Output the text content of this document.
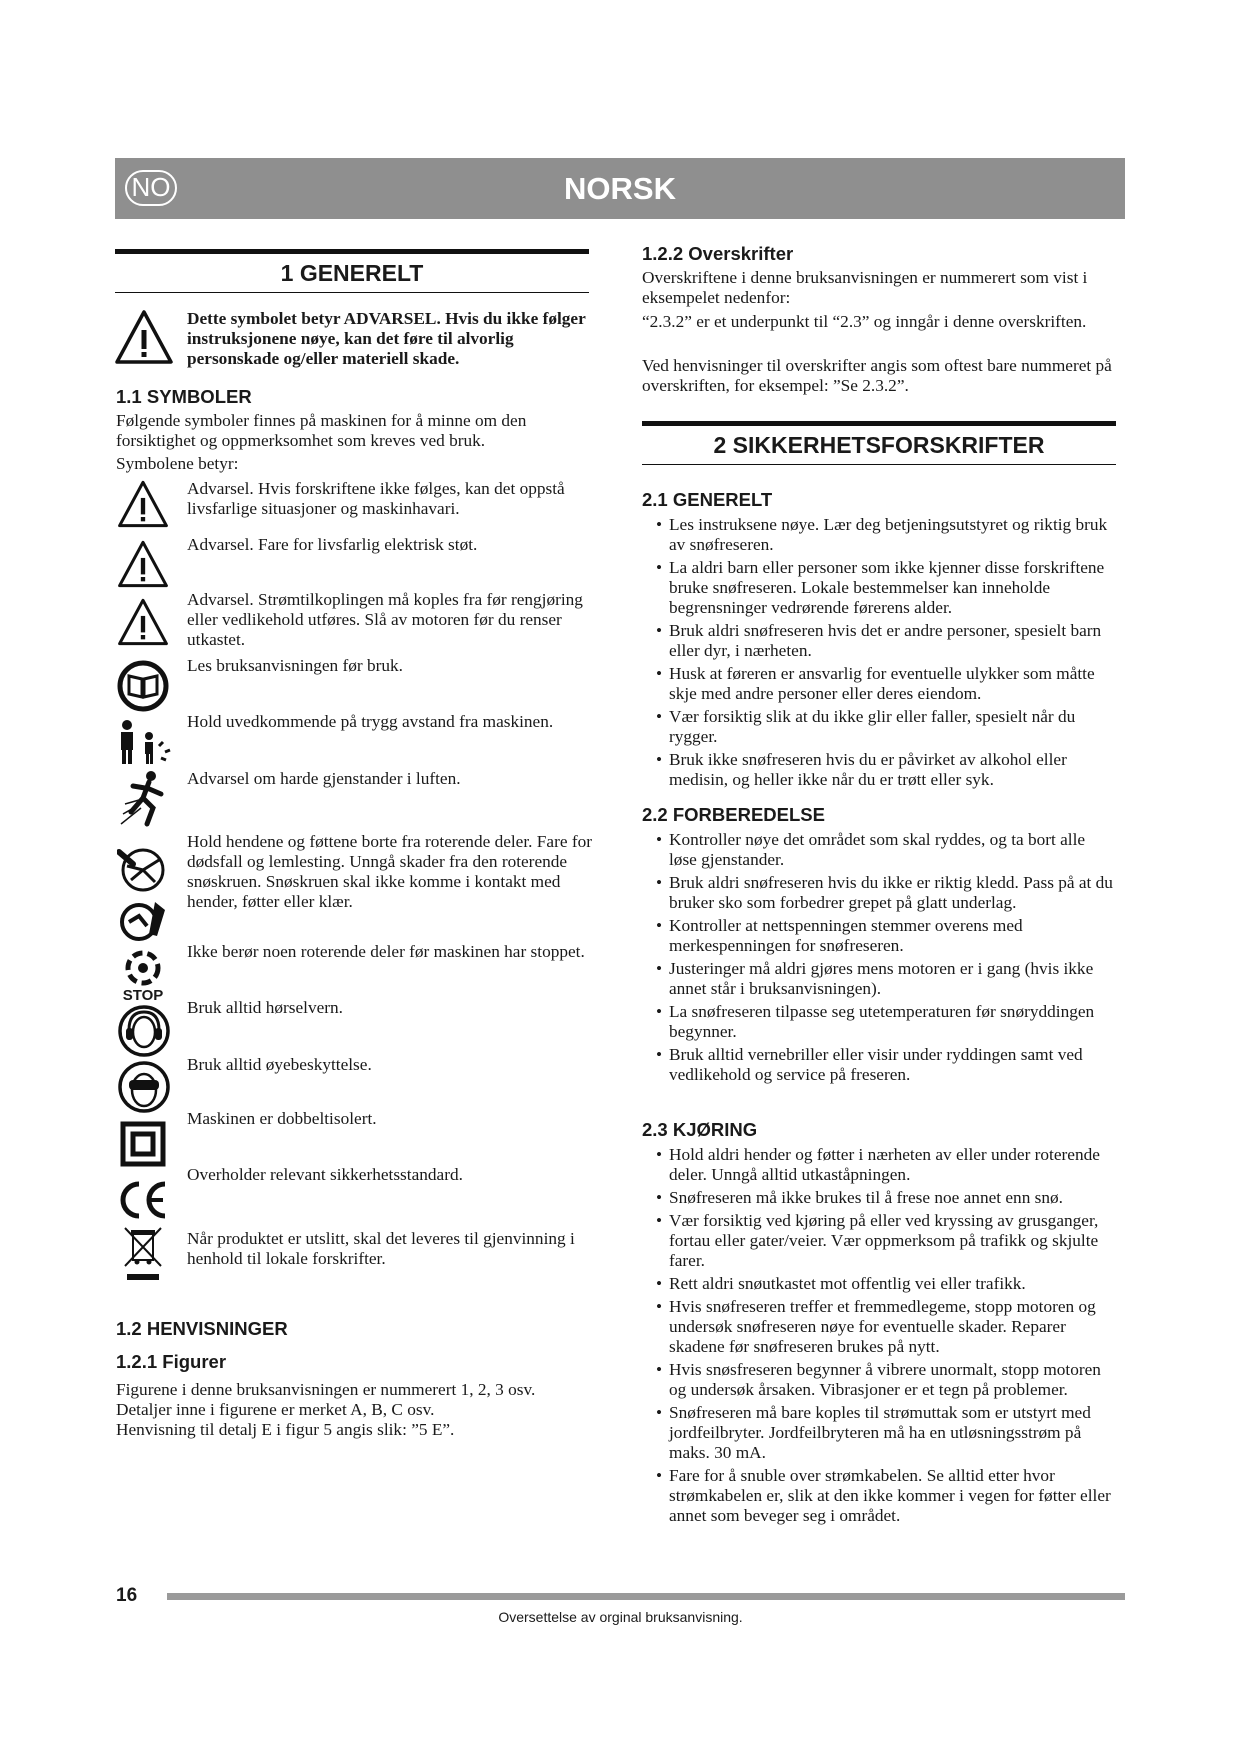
NO	NORSK
1 GENERELT
Dette symbolet betyr ADVARSEL. Hvis du ikke følger instruksjonene nøye, kan det føre til alvorlig personskade og/eller materiell skade.
1.1 SYMBOLER
Følgende symboler finnes på maskinen for å minne om den forsiktighet og oppmerksomhet som kreves ved bruk.
Symbolene betyr:
Advarsel. Hvis forskriftene ikke følges, kan det oppstå livsfarlige situasjoner og maskinhavari.
Advarsel. Fare for livsfarlig elektrisk støt.
Advarsel. Strømtilkoplingen må koples fra før rengjøring eller vedlikehold utføres. Slå av motoren før du renser utkastet.
Les bruksanvisningen før bruk.
Hold uvedkommende på trygg avstand fra maskinen.
Advarsel om harde gjenstander i luften.
Hold hendene og føttene borte fra roterende deler. Fare for dødsfall og lemlesting. Unngå skader fra den roterende snøskruen. Snøskruen skal ikke komme i kontakt med hender, føtter eller klær.
STOP
Ikke berør noen roterende deler før maskinen har stoppet.
Bruk alltid hørselvern.
Bruk alltid øyebeskyttelse.
Maskinen er dobbeltisolert.
Overholder relevant sikkerhetsstandard.
Når produktet er utslitt, skal det leveres til gjenvinning i henhold til lokale forskrifter.
1.2 HENVISNINGER
1.2.1 Figurer

Figurene i denne bruksanvisningen er nummerert 1, 2, 3 osv.

Detaljer inne i figurene er merket A, B, C osv.

Henvisning til detalj E i figur 5 angis slik: ”5 E”.

1.2.2 Overskrifter
Overskriftene i denne bruksanvisningen er nummerert som vist i eksempelet nedenfor:
“2.3.2” er et underpunkt til “2.3” og inngår i denne overskriften.
Ved henvisninger til overskrifter angis som oftest bare nummeret på overskriften, for eksempel: ”Se 2.3.2”.
2 SIKKERHETSFORSKRIFTER
2.1 GENERELT
• Les instruksene nøye. Lær deg betjeningsutstyret og riktig bruk av snøfreseren.
• La aldri barn eller personer som ikke kjenner disse forskriftene bruke snøfreseren. Lokale bestemmelser kan inneholde begrensninger vedrørende førerens alder.
• Bruk aldri snøfreseren hvis det er andre personer, spesielt barn eller dyr, i nærheten.
• Husk at føreren er ansvarlig for eventuelle ulykker som måtte skje med andre personer eller deres eiendom.
• Vær forsiktig slik at du ikke glir eller faller, spesielt når du rygger.
• Bruk ikke snøfreseren hvis du er påvirket av alkohol eller medisin, og heller ikke når du er trøtt eller syk.
2.2 FORBEREDELSE
• Kontroller nøye det området som skal ryddes, og ta bort alle løse gjenstander.
• Bruk aldri snøfreseren hvis du ikke er riktig kledd. Pass på at du bruker sko som forbedrer grepet på glatt underlag.
• Kontroller at nettspenningen stemmer overens med merkespenningen for snøfreseren.
• Justeringer må aldri gjøres mens motoren er i gang (hvis ikke annet står i bruksanvisningen).
• La snøfreseren tilpasse seg utetemperaturen før snøryddingen begynner.
• Bruk alltid vernebriller eller visir under ryddingen samt ved vedlikehold og service på freseren.
2.3 KJØRING
• Hold aldri hender og føtter i nærheten av eller under roterende deler. Unngå alltid utkaståpningen.
• Snøfreseren må ikke brukes til å frese noe annet enn snø.
• Vær forsiktig ved kjøring på eller ved kryssing av grusganger, fortau eller gater/veier. Vær oppmerksom på trafikk og skjulte farer.
• Rett aldri snøutkastet mot offentlig vei eller trafikk.
• Hvis snøfreseren treffer et fremmedlegeme, stopp motoren og undersøk snøfreseren nøye for eventuelle skader. Reparer skadene før snøfreseren brukes på nytt.
• Hvis snøsfreseren begynner å vibrere unormalt, stopp motoren og undersøk årsaken. Vibrasjoner er et tegn på problemer.
• Snøfreseren må bare koples til strømuttak som er utstyrt med jordfeilbryter. Jordfeilbryteren må ha en utløsningsstrøm på maks. 30 mA.
• Fare for å snuble over strømkabelen. Se alltid etter hvor strømkabelen er, slik at den ikke kommer i vegen for føtter eller annet som beveger seg i området.
16
Oversettelse av orginal bruksanvisning.
